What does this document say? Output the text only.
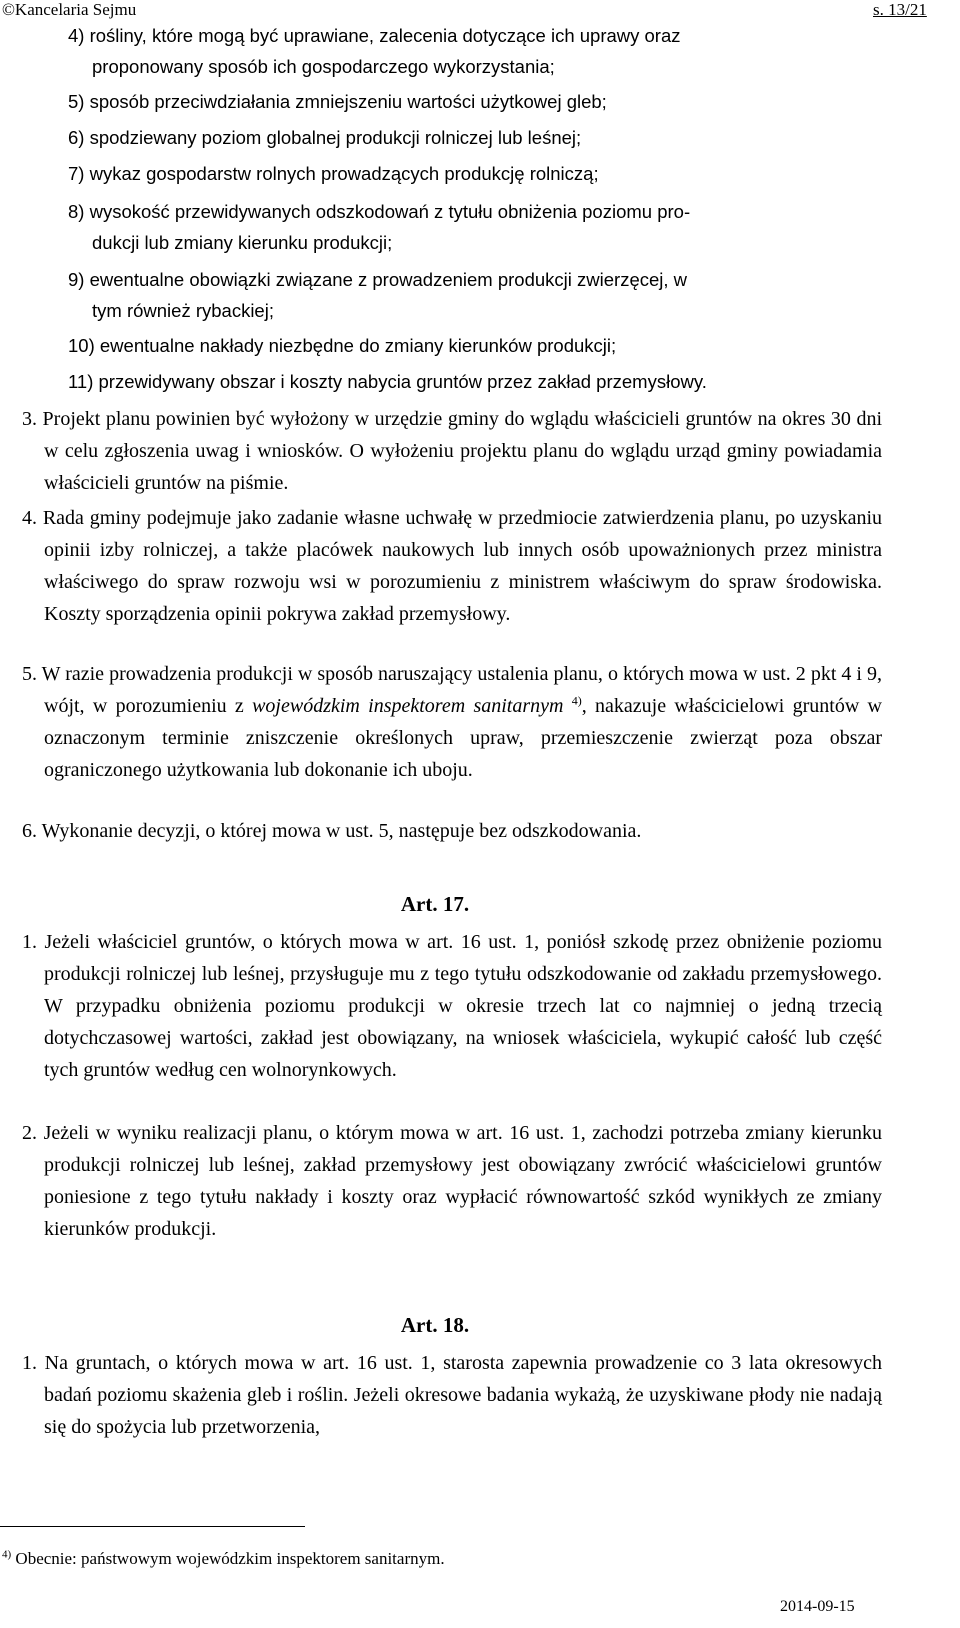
©Kancelaria Sejmu	s. 13/21
4) rośliny, które mogą być uprawiane, zalecenia dotyczące ich uprawy oraz
proponowany sposób ich gospodarczego wykorzystania;
5) sposób przeciwdziałania zmniejszeniu wartości użytkowej gleb;
6) spodziewany poziom globalnej produkcji rolniczej lub leśnej;
7) wykaz gospodarstw rolnych prowadzących produkcję rolniczą;
8) wysokość przewidywanych odszkodowań z tytułu obniżenia poziomu pro-
dukcji lub zmiany kierunku produkcji;
9) ewentualne obowiązki związane z prowadzeniem produkcji zwierzęcej, w
tym również rybackiej;
10) ewentualne nakłady niezbędne do zmiany kierunków produkcji;
11) przewidywany obszar i koszty nabycia gruntów przez zakład przemysłowy.
3. Projekt planu powinien być wyłożony w urzędzie gminy do wglądu właścicieli gruntów na okres 30 dni w celu zgłoszenia uwag i wniosków. O wyłożeniu projektu planu do wglądu urząd gminy powiadamia właścicieli gruntów na piśmie.
4. Rada gminy podejmuje jako zadanie własne uchwałę w przedmiocie zatwierdzenia planu, po uzyskaniu opinii izby rolniczej, a także placówek naukowych lub innych osób upoważnionych przez ministra właściwego do spraw rozwoju wsi w porozumieniu z ministrem właściwym do spraw środowiska. Koszty sporządzenia opinii pokrywa zakład przemysłowy.
5. W razie prowadzenia produkcji w sposób naruszający ustalenia planu, o których mowa w ust. 2 pkt 4 i 9, wójt, w porozumieniu z wojewódzkim inspektorem sanitarnym $^{4)}$, nakazuje właścicielowi gruntów w oznaczonym terminie zniszczenie określonych upraw, przemieszczenie zwierząt poza obszar ograniczonego użytkowania lub dokonanie ich uboju.
6. Wykonanie decyzji, o której mowa w ust. 5, następuje bez odszkodowania.
Art. 17.
1. Jeżeli właściciel gruntów, o których mowa w art. 16 ust. 1, poniósł szkodę przez obniżenie poziomu produkcji rolniczej lub leśnej, przysługuje mu z tego tytułu odszkodowanie od zakładu przemysłowego. W przypadku obniżenia poziomu produkcji w okresie trzech lat co najmniej o jedną trzecią dotychczasowej wartości, zakład jest obowiązany, na wniosek właściciela, wykupić całość lub część tych gruntów według cen wolnorynkowych.
2. Jeżeli w wyniku realizacji planu, o którym mowa w art. 16 ust. 1, zachodzi potrzeba zmiany kierunku produkcji rolniczej lub leśnej, zakład przemysłowy jest obowiązany zwrócić właścicielowi gruntów poniesione z tego tytułu nakłady i koszty oraz wypłacić równowartość szkód wynikłych ze zmiany kierunków produkcji.
Art. 18.
1. Na gruntach, o których mowa w art. 16 ust. 1, starosta zapewnia prowadzenie co 3 lata okresowych badań poziomu skażenia gleb i roślin. Jeżeli okresowe badania wykażą, że uzyskiwane płody nie nadają się do spożycia lub przetworzenia,
$^{4)}$ Obecnie: państwowym wojewódzkim inspektorem sanitarnym.
2014-09-15
